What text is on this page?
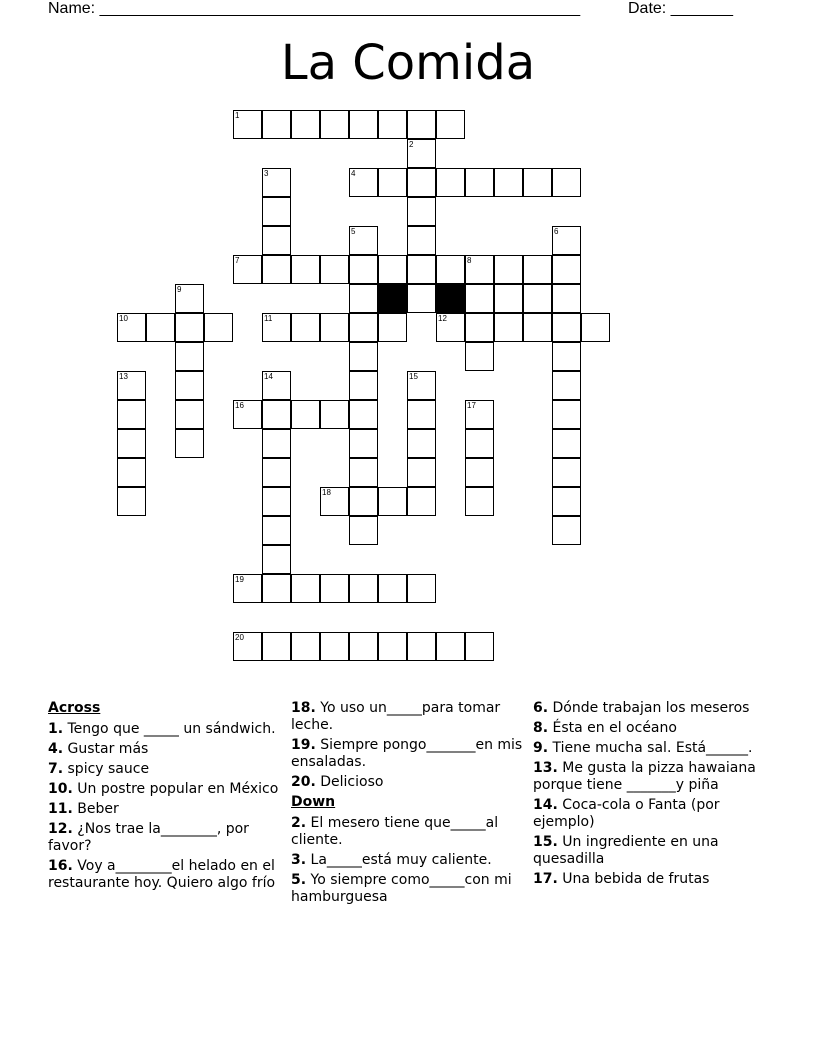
Name: ______________________________________________________	Date: _______
La Comida
1
2
3	4
5	6
7	8
9
10	11	12
13	14	15
16	17
18
19
20
Across
1. Tengo que _____ un sándwich.
4. Gustar más
7. spicy sauce
10. Un postre popular en México
11. Beber
12. ¿Nos trae la________, por favor?
16. Voy a________el helado en el restaurante hoy. Quiero algo frío
18. Yo uso un_____para tomar leche.
19. Siempre pongo_______en mis ensaladas.
20. Delicioso
Down
2. El mesero tiene que_____al cliente.
3. La_____está muy caliente.
5. Yo siempre como_____con mi hamburguesa
6. Dónde trabajan los meseros
8. Ésta en el océano
9. Tiene mucha sal. Está______.
13. Me gusta la pizza hawaiana porque tiene _______y piña
14. Coca-cola o Fanta (por ejemplo)
15. Un ingrediente en una quesadilla
17. Una bebida de frutas
